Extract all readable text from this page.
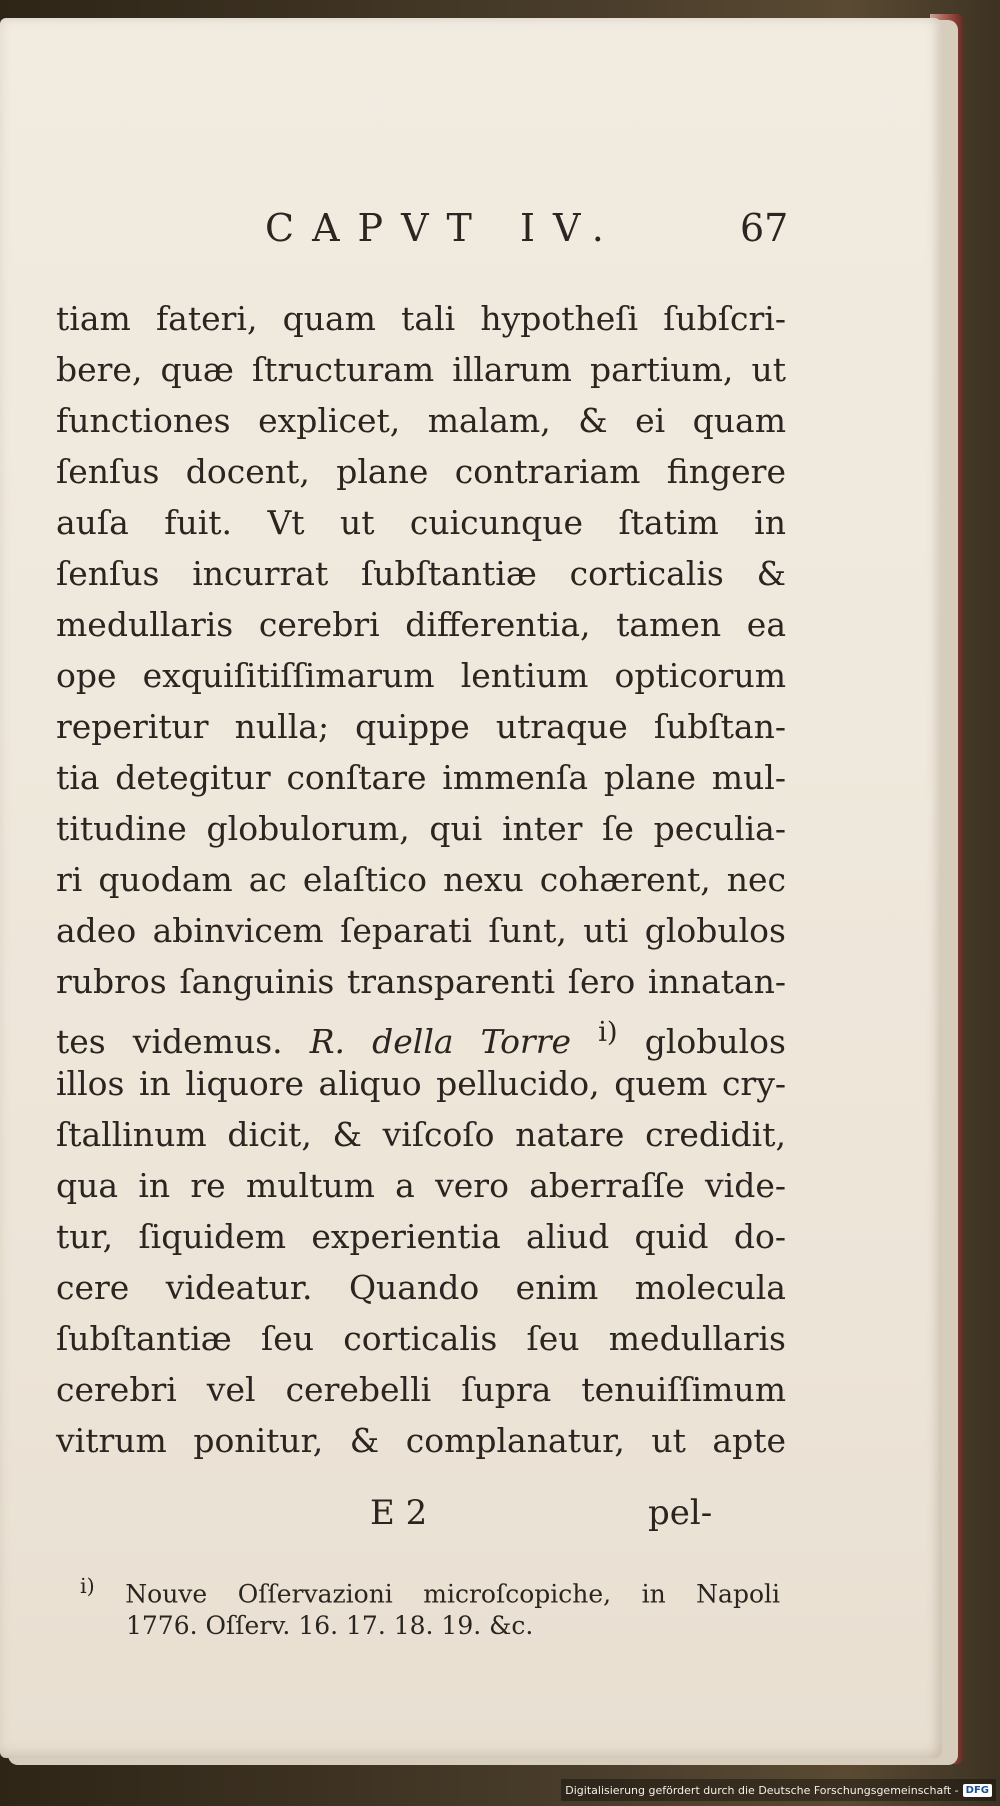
CAPVT IV.	67
tiam fateri, quam tali hypotheſi ſubſcri-
bere, quæ ſtructuram illarum partium, ut
functiones explicet, malam, & ei quam
ſenſus docent, plane contrariam fingere
auſa fuit. Vt ut cuicunque ſtatim in
ſenſus incurrat ſubſtantiæ corticalis &
medullaris cerebri differentia, tamen ea
ope exquiſitiſſimarum lentium opticorum
reperitur nulla; quippe utraque ſubſtan-
tia detegitur conſtare immenſa plane mul-
titudine globulorum, qui inter ſe peculia-
ri quodam ac elaſtico nexu cohærent, nec
adeo abinvicem ſeparati ſunt, uti globulos
rubros ſanguinis transparenti ſero innatan-
tes videmus. R. della Torre $^{i)}$ globulos
illos in liquore aliquo pellucido, quem cry-
ſtallinum dicit, & viſcoſo natare credidit,
qua in re multum a vero aberraſſe vide-
tur, ſiquidem experientia aliud quid do-
cere videatur. Quando enim molecula
ſubſtantiæ ſeu corticalis ſeu medullaris
cerebri vel cerebelli ſupra tenuiſſimum
vitrum ponitur, & complanatur, ut apte
E 2	pel-
$^{i)}$ Nouve Oſſervazioni microſcopiche, in Napoli
1776. Oſſerv. 16. 17. 18. 19. &c.
Digitalisierung gefördert durch die Deutsche Forschungsgemeinschaft - DFG
